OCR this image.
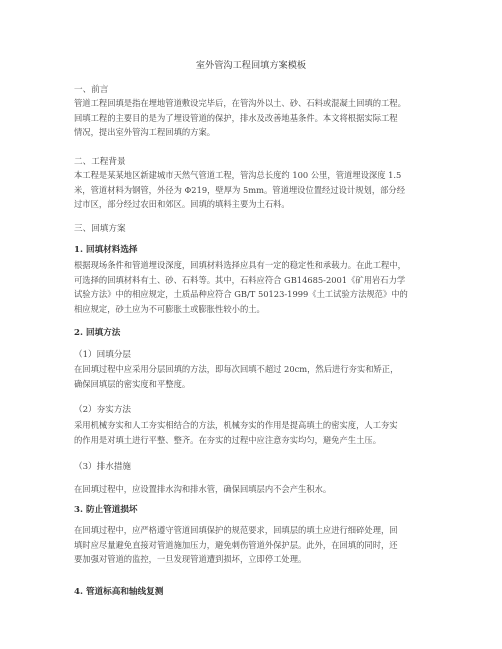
室外管沟工程回填方案模板
一、前言
管道工程回填是指在埋地管道敷设完毕后，在管沟外以土、砂、石料或混凝土回填的工程。
回填工程的主要目的是为了埋设管道的保护，排水及改善地基条件。本文将根据实际工程
情况，提出室外管沟工程回填的方案。
二、工程背景
本工程是某某地区新建城市天然气管道工程，管沟总长度约 100 公里，管道埋设深度 1.5
米，管道材料为钢管，外径为 Φ219，壁厚为 5mm。管道埋设位置经过设计规划，部分经
过市区，部分经过农田和郊区。回填的填料主要为土石料。
三、回填方案
1. 回填材料选择
根据现场条件和管道埋设深度，回填材料选择应具有一定的稳定性和承载力。在此工程中，
可选择的回填材料有土、砂、石料等。其中，石料应符合 GB14685-2001《矿用岩石力学
试验方法》中的相应规定，土质品种应符合 GB/T 50123-1999《土工试验方法规范》中的
相应规定，砂土应为不可膨胀土或膨胀性较小的土。
2. 回填方法
（1）回填分层
在回填过程中应采用分层回填的方法，即每次回填不超过 20cm，然后进行夯实和矫正，
确保回填层的密实度和平整度。
（2）夯实方法
采用机械夯实和人工夯实相结合的方法，机械夯实的作用是提高填土的密实度，人工夯实
的作用是对填土进行平整、整齐。在夯实的过程中应注意夯实均匀，避免产生土压。
（3）排水措施
在回填过程中，应设置排水沟和排水管，确保回填层内不会产生积水。
3. 防止管道损坏
在回填过程中，应严格遵守管道回填保护的规范要求，回填层的填土应进行细碎处理，回
填时应尽量避免直接对管道施加压力，避免刺伤管道外保护层。此外，在回填的同时，还
要加强对管道的监控，一旦发现管道遭到损坏，立即停工处理。
4. 管道标高和轴线复测
